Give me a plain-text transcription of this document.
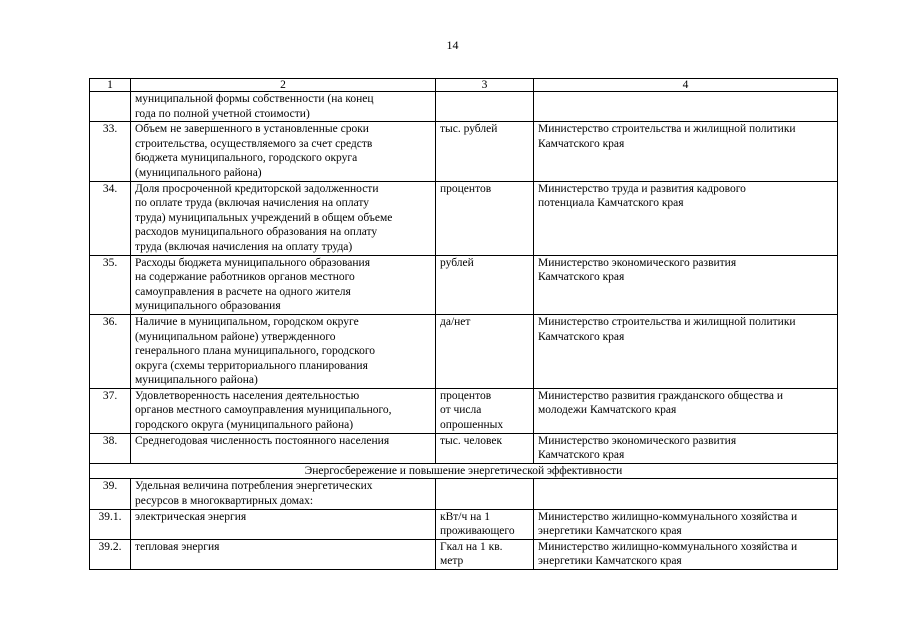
14
1	2	3	4

	муниципальной формы собственности (на конец
года по полной учетной стоимости)		

33.	Объем не завершенного в установленные сроки
строительства, осуществляемого за счет средств
бюджета муниципального, городского округа
(муниципального района)	тыс. рублей	Министерство строительства и жилищной политики
Камчатского края

34.	Доля просроченной кредиторской задолженности
по оплате труда (включая начисления на оплату
труда) муниципальных учреждений в общем объеме
расходов муниципального образования на оплату
труда (включая начисления на оплату труда)	процентов	Министерство труда и развития кадрового
потенциала Камчатского края

35.	Расходы бюджета муниципального образования
на содержание работников органов местного
самоуправления в расчете на одного жителя
муниципального образования	рублей	Министерство экономического развития
Камчатского края

36.	Наличие в муниципальном, городском округе
(муниципальном районе) утвержденного
генерального плана муниципального, городского
округа (схемы территориального планирования
муниципального района)	да/нет	Министерство строительства и жилищной политики
Камчатского края

37.	Удовлетворенность населения деятельностью
органов местного самоуправления муниципального,
городского округа (муниципального района)	процентов
от числа
опрошенных	Министерство развития гражданского общества и
молодежи Камчатского края

38.	Среднегодовая численность постоянного населения	тыс. человек	Министерство экономического развития
Камчатского края

Энергосбережение и повышение энергетической эффективности			
39.	Удельная величина потребления энергетических
ресурсов в многоквартирных домах:		

39.1.	электрическая энергия	кВт/ч на 1
проживающего	Министерство жилищно-коммунального хозяйства и
энергетики Камчатского края

39.2.	тепловая энергия	Гкал на 1 кв.
метр	Министерство жилищно-коммунального хозяйства и
энергетики Камчатского края
